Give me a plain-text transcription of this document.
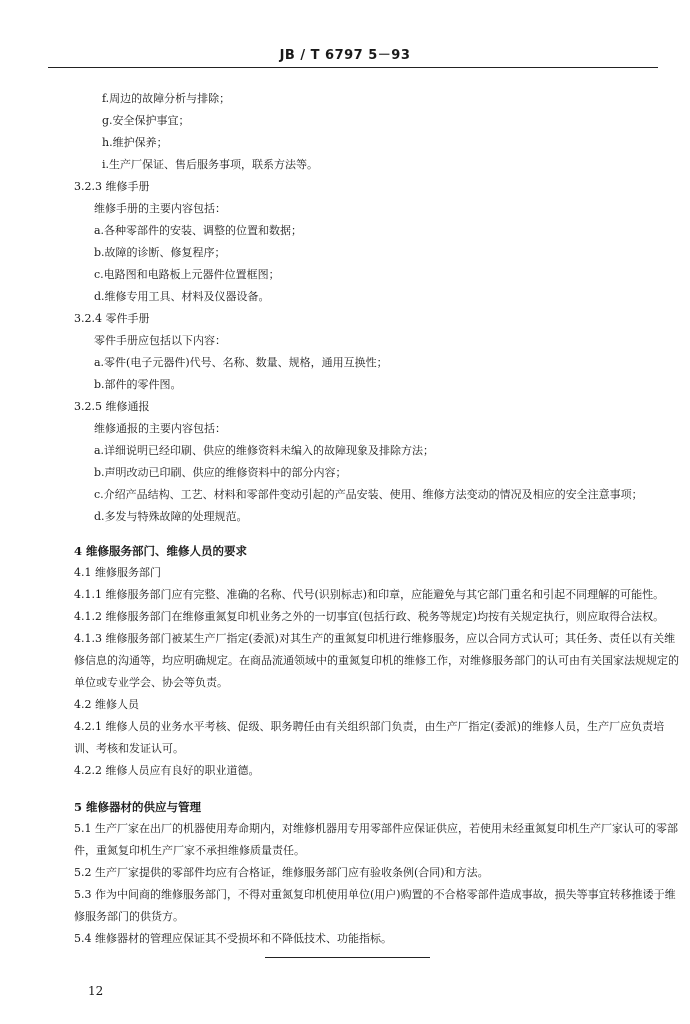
JB / T 6797 5－93
f.周边的故障分析与排除；
g.安全保护事宜；
h.维护保养；
i.生产厂保证、售后服务事项，联系方法等。
3.2.3 维修手册
维修手册的主要内容包括：
a.各种零部件的安装、调整的位置和数据；
b.故障的诊断、修复程序；
c.电路图和电路板上元器件位置框图；
d.维修专用工具、材料及仪器设备。
3.2.4 零件手册
零件手册应包括以下内容：
a.零件(电子元器件)代号、名称、数量、规格，通用互换性；
b.部件的零件图。
3.2.5 维修通报
维修通报的主要内容包括：
a.详细说明已经印刷、供应的维修资料未编入的故障现象及排除方法；
b.声明改动已印刷、供应的维修资料中的部分内容；
c.介绍产品结构、工艺、材料和零部件变动引起的产品安装、使用、维修方法变动的情况及相应的安全注意事项；
d.多发与特殊故障的处理规范。
4 维修服务部门、维修人员的要求
4.1 维修服务部门
4.1.1 维修服务部门应有完整、准确的名称、代号(识别标志)和印章，应能避免与其它部门重名和引起不同理解的可能性。
4.1.2 维修服务部门在维修重氮复印机业务之外的一切事宜(包括行政、税务等规定)均按有关规定执行，则应取得合法权。
4.1.3 维修服务部门被某生产厂指定(委派)对其生产的重氮复印机进行维修服务，应以合同方式认可；其任务、责任以有关维修信息的沟通等，均应明确规定。在商品流通领域中的重氮复印机的维修工作，对维修服务部门的认可由有关国家法规规定的单位或专业学会、协会等负责。
4.2 维修人员
4.2.1 维修人员的业务水平考核、促级、职务聘任由有关组织部门负责，由生产厂指定(委派)的维修人员，生产厂应负责培训、考核和发证认可。
4.2.2 维修人员应有良好的职业道德。
5 维修器材的供应与管理
5.1 生产厂家在出厂的机器使用寿命期内，对维修机器用专用零部件应保证供应，若使用未经重氮复印机生产厂家认可的零部件，重氮复印机生产厂家不承担维修质量责任。
5.2 生产厂家提供的零部件均应有合格证，维修服务部门应有验收条例(合同)和方法。
5.3 作为中间商的维修服务部门，不得对重氮复印机使用单位(用户)购置的不合格零部件造成事故，损失等事宜转移推诿于维修服务部门的供货方。
5.4 维修器材的管理应保证其不受损坏和不降低技术、功能指标。
12
